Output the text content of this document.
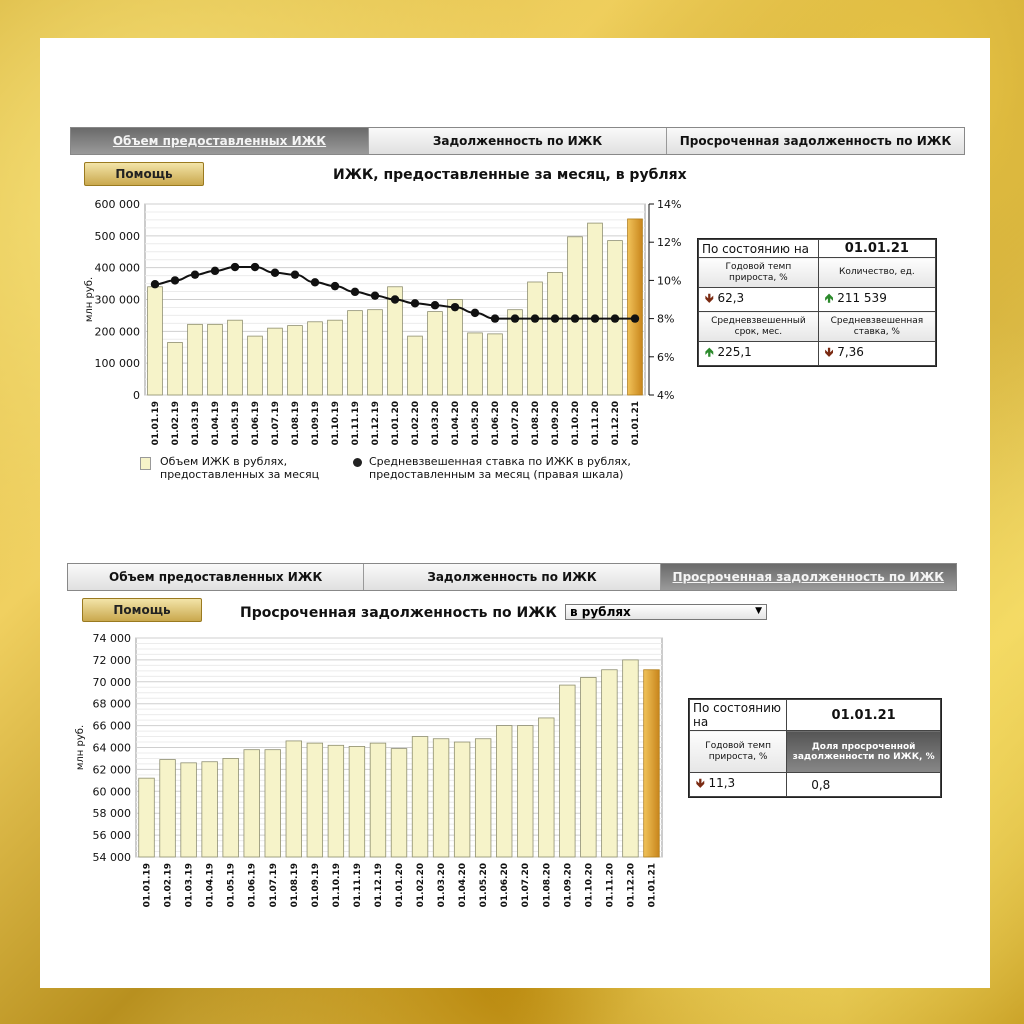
Объем предоставленных ИЖК	Задолженность по ИЖК	Просроченная задолженность по ИЖК
Помощь	ИЖК, предоставленные за месяц, в рублях
0
100 000
200 000
300 000
400 000
500 000
600 000
01.01.19 01.02.19 01.03.19 01.04.19 01.05.19 01.06.19 01.07.19 01.08.19 01.09.19 01.10.19 01.11.19 01.12.19 01.01.20 01.02.20 01.03.20 01.04.20 01.05.20 01.06.20 01.07.20 01.08.20 01.09.20 01.10.20 01.11.20 01.12.20 01.01.21
млн руб.
4%
6%
8%
10%
12%
14%
Объем ИЖК в рублях, предоставленных за месяц
Средневзвешенная ставка по ИЖК в рублях, предоставленным за месяц (правая шкала)
По состоянию на	01.01.21
Годовой темп прироста, %	Количество, ед.
🡻 62,3	🡹 211 539
Средневзвешенный срок, мес.	Средневзвешенная ставка, %
🡹 225,1	🡻 7,36
Объем предоставленных ИЖК	Задолженность по ИЖК	Просроченная задолженность по ИЖК
Помощь	Просроченная задолженность по ИЖК в рублях	▼
54 000
56 000
58 000
60 000
62 000
64 000
66 000
68 000
70 000
72 000
74 000
01.01.19 01.02.19 01.03.19 01.04.19 01.05.19 01.06.19 01.07.19 01.08.19 01.09.19 01.10.19 01.11.19 01.12.19 01.01.20 01.02.20 01.03.20 01.04.20 01.05.20 01.06.20 01.07.20 01.08.20 01.09.20 01.10.20 01.11.20 01.12.20 01.01.21
млн руб.
По состоянию на	01.01.21
Годовой темп прироста, %	Доля просроченной задолженности по ИЖК, %
🡻 11,3	0,8
